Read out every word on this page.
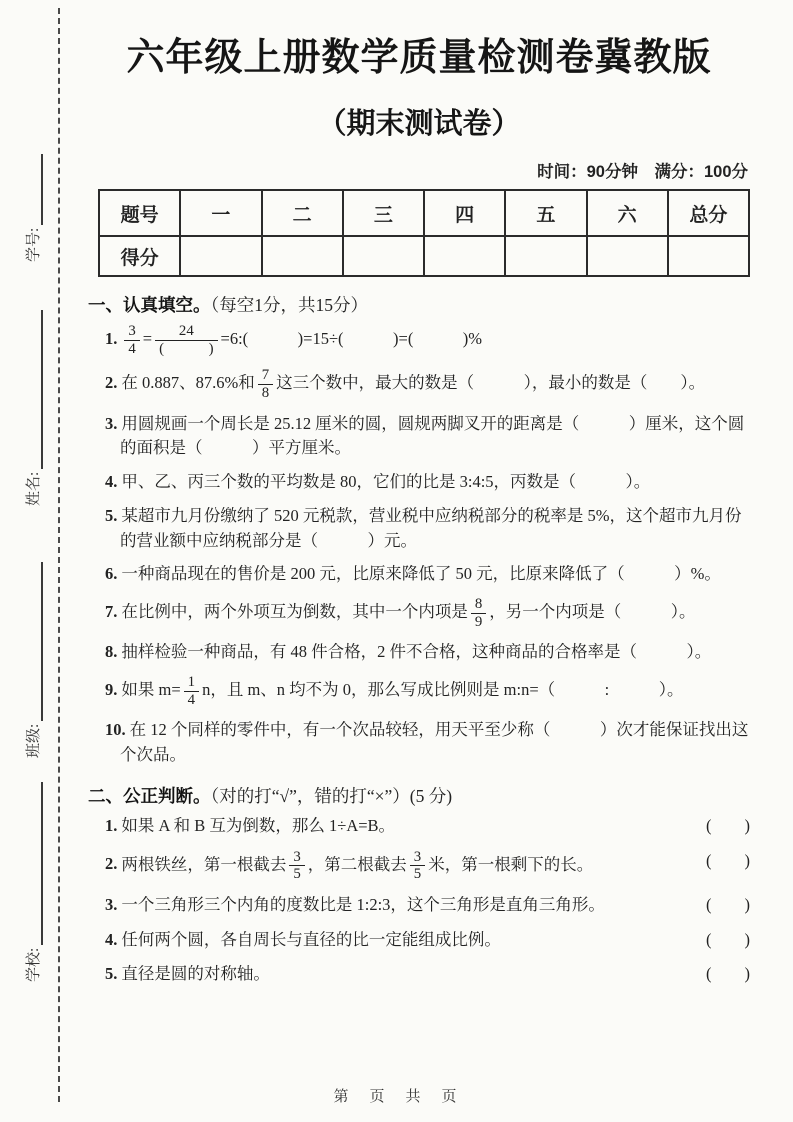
学号:
姓名:
班级:
学校:
六年级上册数学质量检测卷冀教版
（期末测试卷）
时间：90分钟　满分：100分
题号	一	二	三	四	五	六	总分
得分							
一、认真填空。（每空1分，共15分）
1. $\frac{3}{4} = \frac{24}{( )}$ =6:(　　　)=15÷(　　　)=(　　　)%
2. 在 0.887、87.6%和 $\frac{7}{8}$ 这三个数中，最大的数是（　　　），最小的数是（　　）。
3. 用圆规画一个周长是 25.12 厘米的圆，圆规两脚叉开的距离是（　　　）厘米，这个圆的面积是（　　　）平方厘米。
4. 甲、乙、丙三个数的平均数是 80，它们的比是 3:4:5，丙数是（　　　）。
5. 某超市九月份缴纳了 520 元税款，营业税中应纳税部分的税率是 5%，这个超市九月份的营业额中应纳税部分是（　　　）元。
6. 一种商品现在的售价是 200 元，比原来降低了 50 元，比原来降低了（　　　）%。
7. 在比例中，两个外项互为倒数，其中一个内项是 $\frac{8}{9}$ ，另一个内项是（　　　）。
8. 抽样检验一种商品，有 48 件合格，2 件不合格，这种商品的合格率是（　　　）。
9. 如果 $m= \frac{1}{4}$ n，且 m、n 均不为 0，那么写成比例则是 m:n=（　　　:　　　）。
10. 在 12 个同样的零件中，有一个次品较轻，用天平至少称（　　　）次才能保证找出这个次品。
二、公正判断。（对的打“√”，错的打“×”）(5 分)
1. 如果 A 和 B 互为倒数，那么 1÷A=B。	(　　)
2. 两根铁丝，第一根截去 $\frac{3}{5}$ ，第二根截去 $\frac{3}{5}$ 米，第一根剩下的长。	(　　)
3. 一个三角形三个内角的度数比是 1:2:3，这个三角形是直角三角形。	(　　)
4. 任何两个圆，各自周长与直径的比一定能组成比例。	(　　)
5. 直径是圆的对称轴。	(　　)
第　页　共　页
